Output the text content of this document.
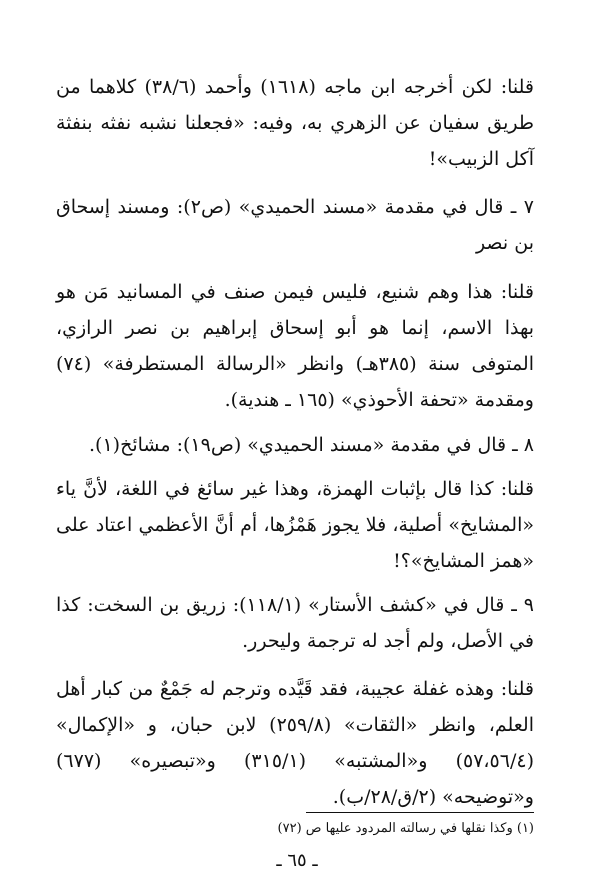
قلنا: لكن أخرجه ابن ماجه (١٦١٨) وأحمد (٣٨/٦) كلاهما من طريق سفيان عن الزهري به، وفيه: «فجعلنا نشبه نفثه بنفثة آكل الزبيب»!

٧ ـ قال في مقدمة «مسند الحميدي» (ص٢): ومسند إسحاق بن نصر

قلنا: هذا وهم شنيع، فليس فيمن صنف في المسانيد مَن هو بهذا الاسم، إنما هو أبو إسحاق إبراهيم بن نصر الرازي، المتوفى سنة (٣٨٥هـ) وانظر «الرسالة المستطرفة» (٧٤) ومقدمة «تحفة الأحوذي» (١٦٥ ـ هندية).

٨ ـ قال في مقدمة «مسند الحميدي» (ص١٩): مشائخ(١).

قلنا: كذا قال بإثبات الهمزة، وهذا غير سائغ في اللغة، لأنَّ ياء «المشايخ» أصلية، فلا يجوز هَمْزُها، أم أنَّ الأعظمي اعتاد على «همز المشايخ»؟!

٩ ـ قال في «كشف الأستار» (١١٨/١): زريق بن السخت: كذا في الأصل، ولم أجد له ترجمة وليحرر.

قلنا: وهذه غفلة عجيبة، فقد قَيَّده وترجم له جَمْعٌ من كبار أهل العلم، وانظر «الثقات» (٢٥٩/٨) لابن حبان، و «الإكمال» (٥٧،٥٦/٤) و«المشتبه» (٣١٥/١) و«تبصيره» (٦٧٧) و«توضيحه» (٢/ق/٢٨/ب).

(١) وكذا نقلها في رسالته المردود عليها ص (٧٢)
ـ ٦٥ ـ
